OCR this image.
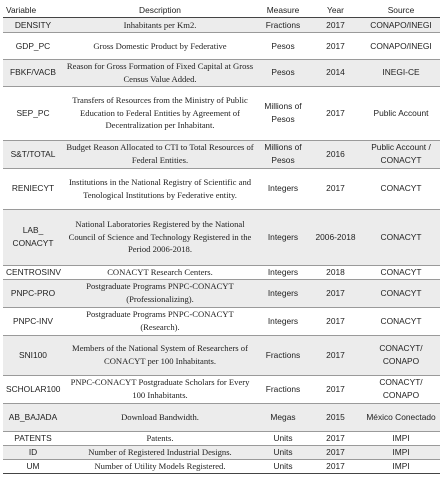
Variable	Description	Measure	Year	Source
DENSITY	Inhabitants per Km2.	Fractions	2017	CONAPO/INEGI
GDP_PC	Gross Domestic Product by Federative	Pesos	2017	CONAPO/INEGI
FBKF/VACB	Reason for Gross Formation of Fixed Capital at Gross Census Value Added.	Pesos	2014	INEGI-CE
SEP_PC	Transfers of Resources from the Ministry of Public Education to Federal Entities by Agreement of Decentralization per Inhabitant.	Millions of Pesos	2017	Public Account
S&T/TOTAL	Budget Reason Allocated to CTI to Total Resources of Federal Entities.	Millions of Pesos	2016	Public Account / CONACYT
RENIECYT	Institutions in the National Registry of Scientific and Tenological Institutions by Federative entity.	Integers	2017	CONACYT
LAB_ CONACYT	National Laboratories Registered by the National Council of Science and Technology Registered in the Period 2006-2018.	Integers	2006-2018	CONACYT
CENTROSINV	CONACYT Research Centers.	Integers	2018	CONACYT
PNPC-PRO	Postgraduate Programs PNPC-CONACYT (Professionalizing).	Integers	2017	CONACYT
PNPC-INV	Postgraduate Programs PNPC-CONACYT (Research).	Integers	2017	CONACYT
SNI100	Members of the National System of Researchers of CONACYT per 100 Inhabitants.	Fractions	2017	CONACYT/ CONAPO
SCHOLAR100	PNPC-CONACYT Postgraduate Scholars for Every 100 Inhabitants.	Fractions	2017	CONACYT/ CONAPO
AB_BAJADA	Download Bandwidth.	Megas	2015	México Conectado
PATENTS	Patents.	Units	2017	IMPI
ID	Number of Registered Industrial Designs.	Units	2017	IMPI
UM	Number of Utility Models Registered.	Units	2017	IMPI
